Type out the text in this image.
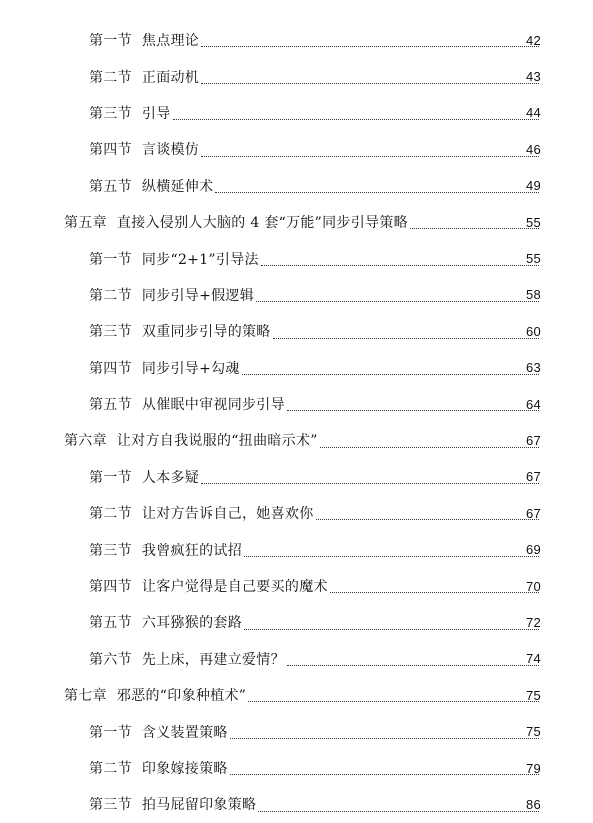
第一节 焦点理论	42
第二节 正面动机	43
第三节 引导	44
第四节 言谈模仿	46
第五节 纵横延伸术	49
第五章 直接入侵别人大脑的 4 套“万能”同步引导策略	55
第一节 同步“2+1”引导法	55
第二节 同步引导+假逻辑	58
第三节 双重同步引导的策略	60
第四节 同步引导+勾魂	63
第五节 从催眠中审视同步引导	64
第六章 让对方自我说服的“扭曲暗示术”	67
第一节 人本多疑	67
第二节 让对方告诉自己，她喜欢你	67
第三节 我曾疯狂的试招	69
第四节 让客户觉得是自己要买的魔术	70
第五节 六耳猕猴的套路	72
第六节 先上床，再建立爱情？	74
第七章 邪恶的“印象种植术”	75
第一节 含义装置策略	75
第二节 印象嫁接策略	79
第三节 拍马屁留印象策略	86
